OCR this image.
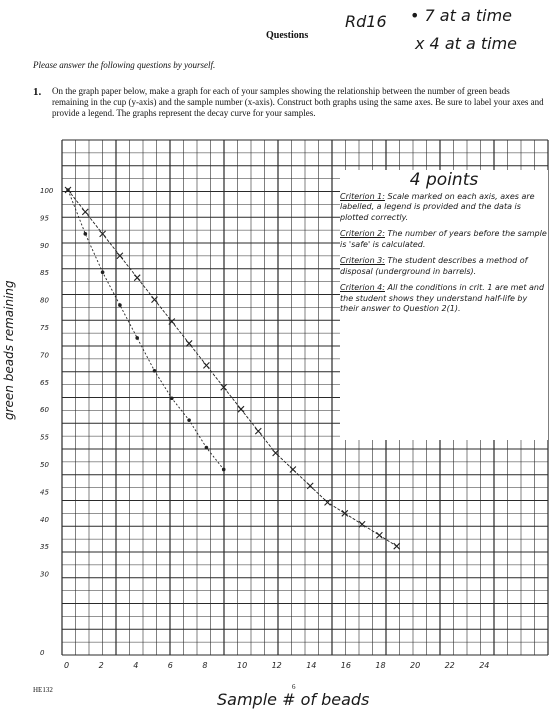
Questions
Rd16 • 7 at a time
x 4 at a time
Please answer the following questions by yourself.
1. On the graph paper below, make a graph for each of your samples showing the relationship between the number of green beads remaining in the cup (y-axis) and the sample number (x-axis). Construct both graphs using the same axes. Be sure to label your axes and provide a legend. The graphs represent the decay curve for your samples.
0
30
35
40
45
50
55
60
65
70
75
80
85
90
95
100
0	2	4	6	8	10	12	14	16	18	20	22	24
4 points
Criterion 1: Scale marked on each axis, axes are labelled, a legend is provided and the data is plotted correctly.
Criterion 2: The number of years before the sample is 'safe' is calculated.
Criterion 3: The student describes a method of disposal (underground in barrels).
Criterion 4: All the conditions in crit. 1 are met and the student shows they understand half-life by their answer to Question 2(1).
green beads remaining
Sample # of beads
6
HE132
